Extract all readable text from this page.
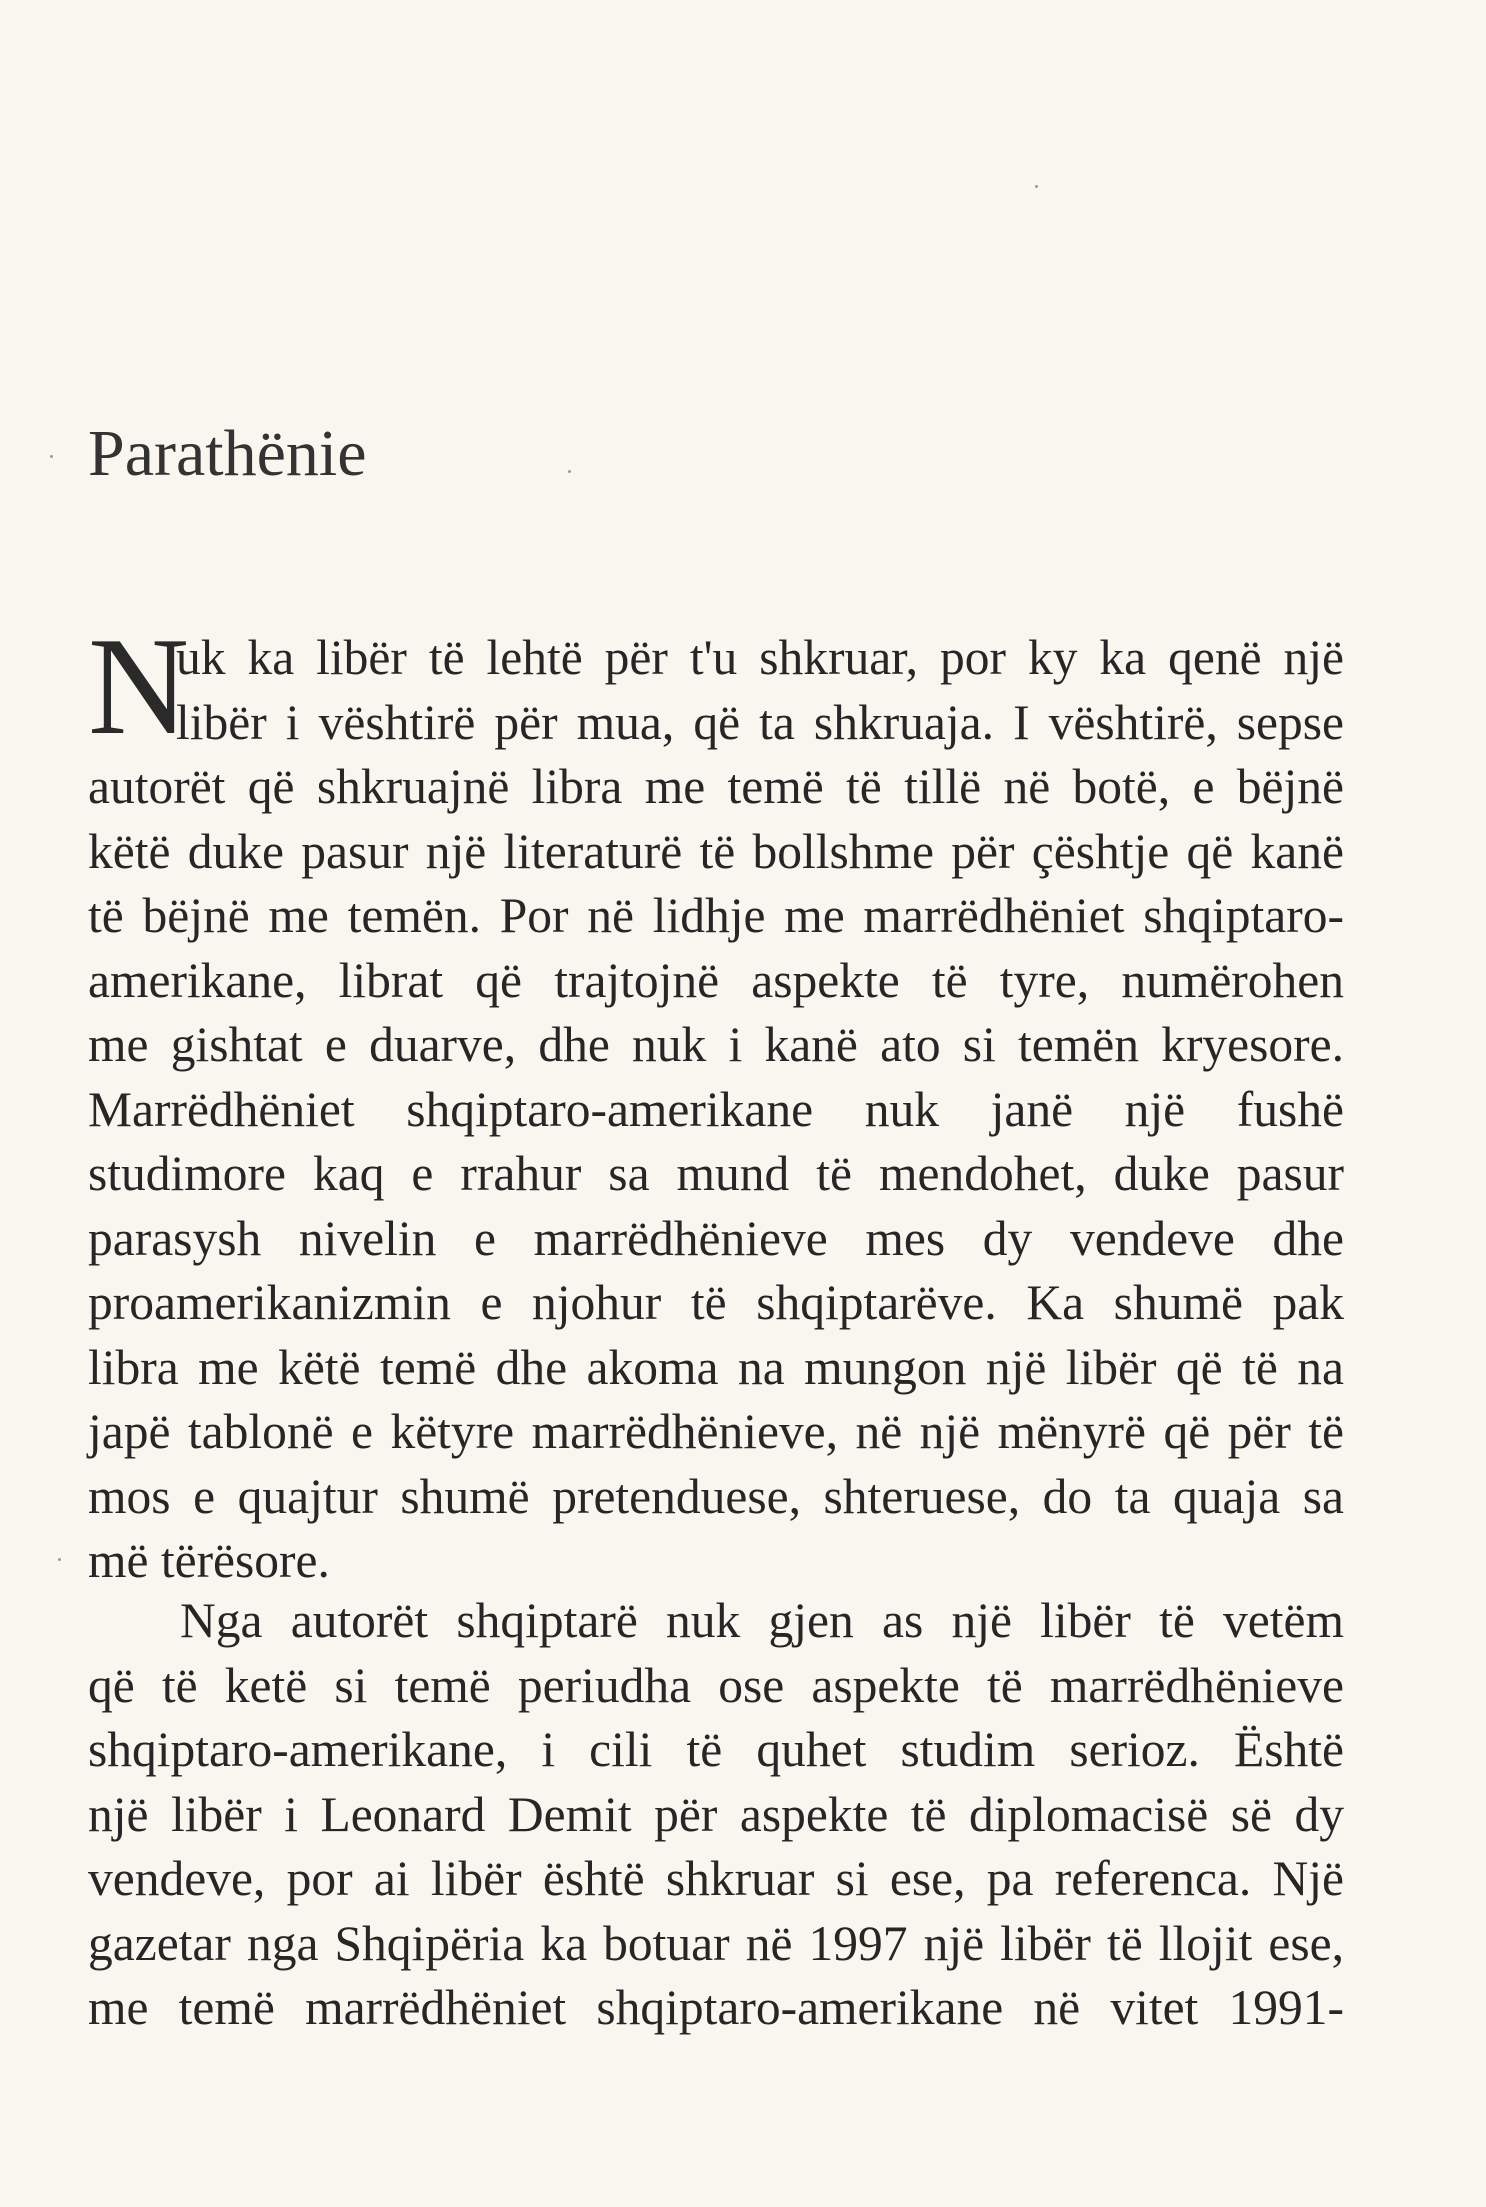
Parathënie
N
uk ka libër të lehtë për t'u shkruar, por ky ka qenë një
libër i vështirë për mua, që ta shkruaja. I vështirë, sepse
autorët që shkruajnë libra me temë të tillë në botë, e bëjnë
këtë duke pasur një literaturë të bollshme për çështje që kanë
të bëjnë me temën. Por në lidhje me marrëdhëniet shqiptaro-
amerikane, librat që trajtojnë aspekte të tyre, numërohen
me gishtat e duarve, dhe nuk i kanë ato si temën kryesore.
Marrëdhëniet shqiptaro-amerikane nuk janë një fushë
studimore kaq e rrahur sa mund të mendohet, duke pasur
parasysh nivelin e marrëdhënieve mes dy vendeve dhe
proamerikanizmin e njohur të shqiptarëve. Ka shumë pak
libra me këtë temë dhe akoma na mungon një libër që të na
japë tablonë e këtyre marrëdhënieve, në një mënyrë që për të
mos e quajtur shumë pretenduese, shteruese, do ta quaja sa
më tërësore.
Nga autorët shqiptarë nuk gjen as një libër të vetëm
që të ketë si temë periudha ose aspekte të marrëdhënieve
shqiptaro-amerikane, i cili të quhet studim serioz. Është
një libër i Leonard Demit për aspekte të diplomacisë së dy
vendeve, por ai libër është shkruar si ese, pa referenca. Një
gazetar nga Shqipëria ka botuar në 1997 një libër të llojit ese,
me temë marrëdhëniet shqiptaro-amerikane në vitet 1991-
